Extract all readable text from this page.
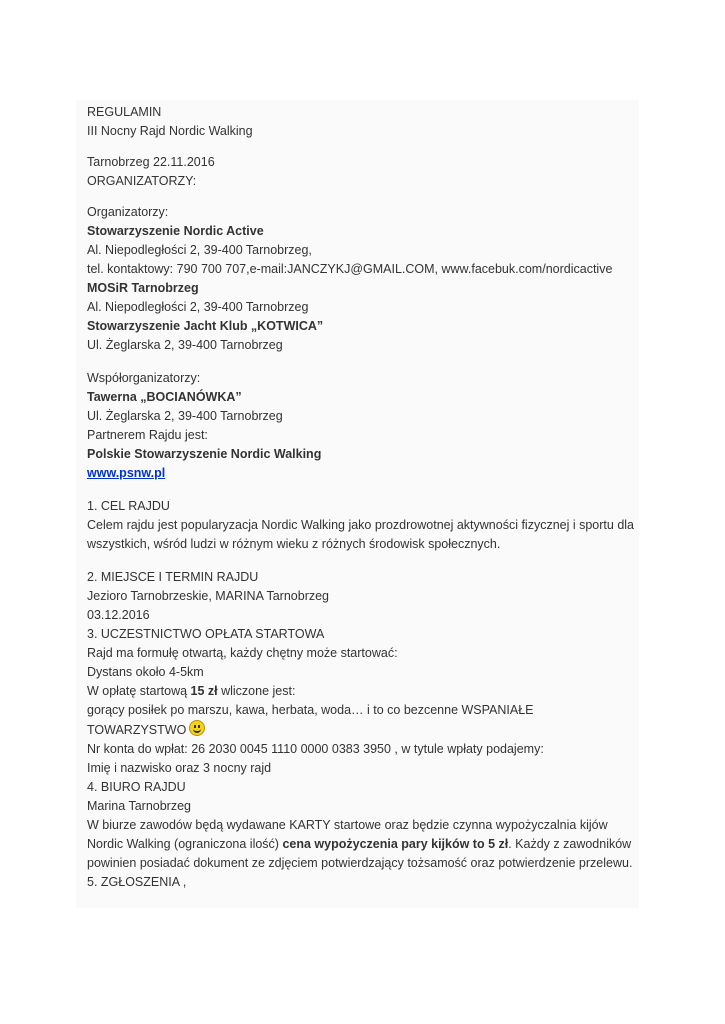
REGULAMIN
III Nocny Rajd Nordic Walking
Tarnobrzeg 22.11.2016
ORGANIZATORZY:
Organizatorzy:
Stowarzyszenie Nordic Active
Al. Niepodległości 2, 39-400 Tarnobrzeg,
tel. kontaktowy: 790 700 707,e-mail:JANCZYKJ@GMAIL.COM, www.facebuk.com/nordicactive
MOSiR Tarnobrzeg
Al. Niepodległości 2, 39-400 Tarnobrzeg
Stowarzyszenie Jacht Klub „KOTWICA”
Ul. Żeglarska 2, 39-400 Tarnobrzeg
Współorganizatorzy:
Tawerna „BOCIANÓWKA”
Ul. Żeglarska 2, 39-400 Tarnobrzeg
Partnerem Rajdu jest:
Polskie Stowarzyszenie Nordic Walking
www.psnw.pl
1. CEL RAJDU
Celem rajdu jest popularyzacja Nordic Walking jako prozdrowotnej aktywności fizycznej i sportu dla wszystkich, wśród ludzi w różnym wieku z różnych środowisk społecznych.
2. MIEJSCE I TERMIN RAJDU
Jezioro Tarnobrzeskie, MARINA Tarnobrzeg
03.12.2016
3. UCZESTNICTWO OPŁATA STARTOWA
Rajd ma formułę otwartą, każdy chętny może startować:
Dystans około 4-5km
W opłatę startową 15 zł wliczone jest:
gorący posiłek po marszu, kawa, herbata, woda… i to co bezcenne WSPANIAŁE TOWARZYSTWO
Nr konta do wpłat: 26 2030 0045 1110 0000 0383 3950 , w tytule wpłaty podajemy:
Imię i nazwisko oraz 3 nocny rajd
4. BIURO RAJDU
Marina Tarnobrzeg
W biurze zawodów będą wydawane KARTY startowe oraz będzie czynna wypożyczalnia kijów Nordic Walking (ograniczona ilość) cena wypożyczenia pary kijków to 5 zł. Każdy z zawodników powinien posiadać dokument ze zdjęciem potwierdzający tożsamość oraz potwierdzenie przelewu.
5. ZGŁOSZENIA ,
